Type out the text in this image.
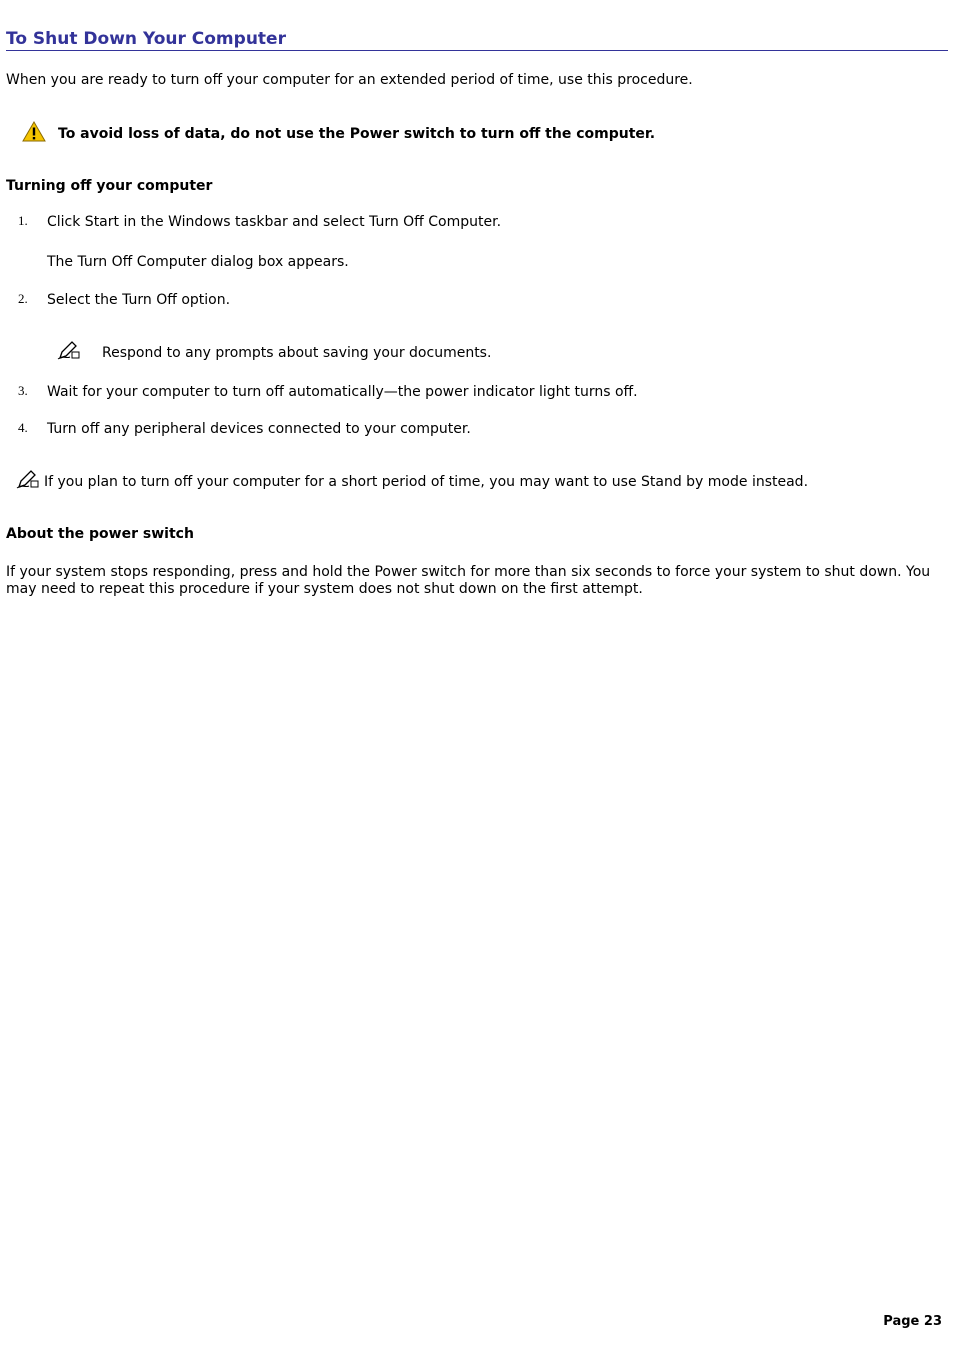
To Shut Down Your Computer
When you are ready to turn off your computer for an extended period of time, use this procedure.
To avoid loss of data, do not use the Power switch to turn off the computer.
Turning off your computer
1. Click Start in the Windows taskbar and select Turn Off Computer.
The Turn Off Computer dialog box appears.
2. Select the Turn Off option.
Respond to any prompts about saving your documents.
3. Wait for your computer to turn off automatically—the power indicator light turns off.
4. Turn off any peripheral devices connected to your computer.
If you plan to turn off your computer for a short period of time, you may want to use Stand by mode instead.
About the power switch
If your system stops responding, press and hold the Power switch for more than six seconds to force your system to shut down. You may need to repeat this procedure if your system does not shut down on the first attempt.
Page 23
